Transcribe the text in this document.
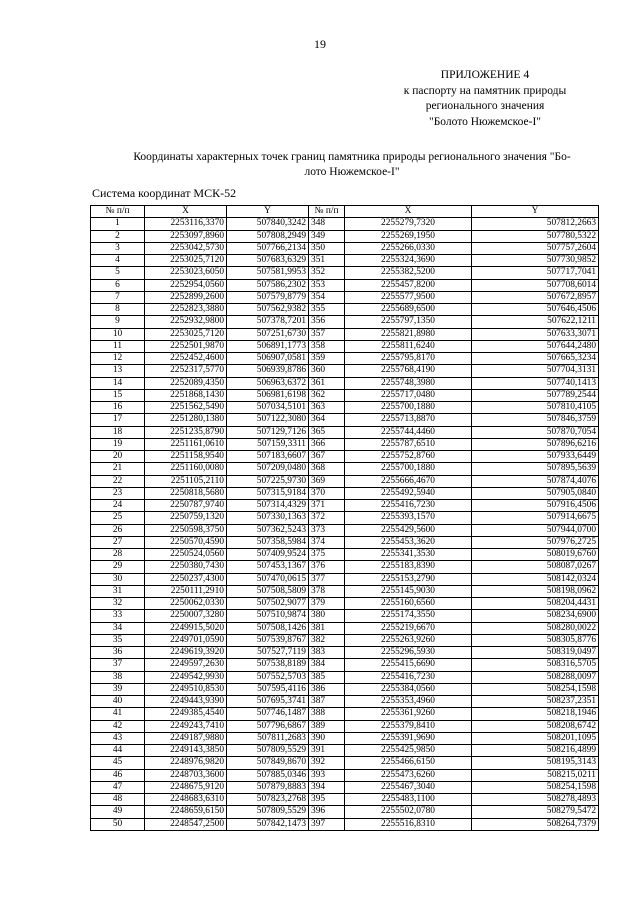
19
ПРИЛОЖЕНИЕ 4
к паспорту на памятник природы
регионального значения
"Болото Нюжемское-I"
Координаты характерных точек границ памятника природы регионального значения "Бо-
лото Нюжемское-I"
Система координат МСК-52
№ п/п	X	Y	№ п/п	X	Y
1	2253116,3370	507840,3242	348	2255279,7320	507812,2663
2	2253097,8960	507808,2949	349	2255269,1950	507780,5322
3	2253042,5730	507766,2134	350	2255266,0330	507757,2604
4	2253025,7120	507683,6329	351	2255324,3690	507730,9852
5	2253023,6050	507581,9953	352	2255382,5200	507717,7041
6	2252954,0560	507586,2302	353	2255457,8200	507708,6014
7	2252899,2600	507579,8779	354	2255577,9500	507672,8957
8	2252823,3880	507562,9382	355	2255689,6500	507646,4506
9	2252932,9800	507378,7201	356	2255797,1350	507622,1211
10	2253025,7120	507251,6730	357	2255821,8980	507633,3071
11	2252501,9870	506891,1773	358	2255811,6240	507644,2480
12	2252452,4600	506907,0581	359	2255795,8170	507665,3234
13	2252317,5770	506939,8786	360	2255768,4190	507704,3131
14	2252089,4350	506963,6372	361	2255748,3980	507740,1413
15	2251868,1430	506981,6198	362	2255717,0480	507789,2544
16	2251562,5490	507034,5101	363	2255700,1880	507810,4105
17	2251280,1380	507122,3080	364	2255713,8870	507846,3759
18	2251235,8790	507129,7126	365	2255744,4460	507870,7054
19	2251161,0610	507159,3311	366	2255787,6510	507896,6216
20	2251158,9540	507183,6607	367	2255752,8760	507933,6449
21	2251160,0080	507209,0480	368	2255700,1880	507895,5639
22	2251105,2110	507225,9730	369	2255666,4670	507874,4076
23	2250818,5680	507315,9184	370	2255492,5940	507905,0840
24	2250787,9740	507314,4329	371	2255416,7230	507916,4506
25	2250759,1320	507330,1363	372	2255393,1570	507914,6675
26	2250598,3750	507362,5243	373	2255429,5600	507944,0700
27	2250570,4590	507358,5984	374	2255453,3620	507976,2725
28	2250524,0560	507409,9524	375	2255341,3530	508019,6760
29	2250380,7430	507453,1367	376	2255183,8390	508087,0267
30	2250237,4300	507470,0615	377	2255153,2790	508142,0324
31	2250111,2910	507508,5809	378	2255145,9030	508198,0962
32	2250062,0330	507502,9077	379	2255160,6560	508204,4431
33	2250007,3280	507510,9874	380	2255174,3550	508234,6900
34	2249915,5020	507508,1426	381	2255219,6670	508280,0022
35	2249701,0590	507539,8767	382	2255263,9260	508305,8776
36	2249619,3920	507527,7119	383	2255296,5930	508319,0497
37	2249597,2630	507538,8189	384	2255415,6690	508316,5705
38	2249542,9930	507552,5703	385	2255416,7230	508288,0097
39	2249510,8530	507595,4116	386	2255384,0560	508254,1598
40	2249443,9390	507695,3741	387	2255353,4960	508237,2351
41	2249385,4540	507746,1487	388	2255361,9260	508218,1946
42	2249243,7410	507796,6867	389	2255379,8410	508208,6742
43	2249187,9880	507811,2683	390	2255391,9690	508201,1095
44	2249143,3850	507809,5529	391	2255425,9850	508216,4899
45	2248976,9820	507849,8670	392	2255466,6150	508195,3143
46	2248703,3600	507885,0346	393	2255473,6260	508215,0211
47	2248675,9120	507879,8883	394	2255467,3040	508254,1598
48	2248683,6310	507823,2768	395	2255483,1100	508278,4893
49	2248659,6150	507809,5529	396	2255502,0780	508279,5472
50	2248547,2500	507842,1473	397	2255516,8310	508264,7379
